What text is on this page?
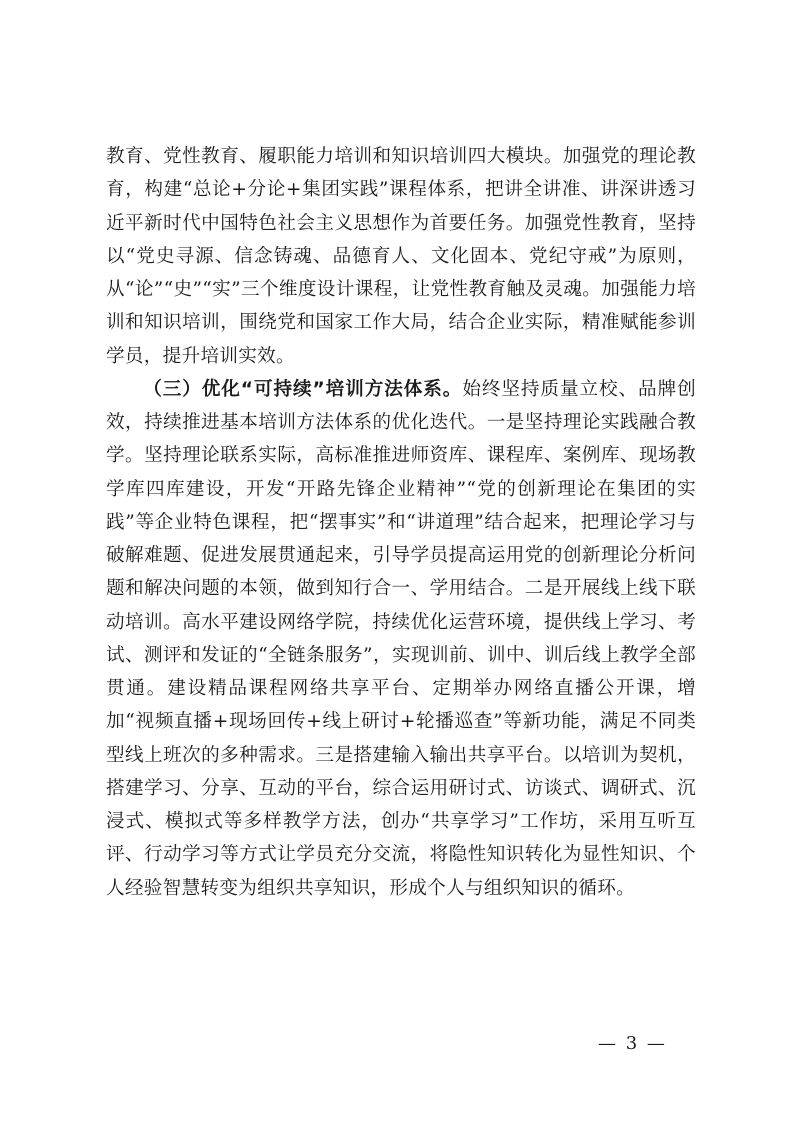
教育、党性教育、履职能力培训和知识培训四大模块。加强党的理论教育，构建“总论+分论+集团实践”课程体系，把讲全讲准、讲深讲透习近平新时代中国特色社会主义思想作为首要任务。加强党性教育，坚持以“党史寻源、信念铸魂、品德育人、文化固本、党纪守戒”为原则，从“论”“史”“实”三个维度设计课程，让党性教育触及灵魂。加强能力培训和知识培训，围绕党和国家工作大局，结合企业实际，精准赋能参训学员，提升培训实效。

（三）优化“可持续”培训方法体系。始终坚持质量立校、品牌创效，持续推进基本培训方法体系的优化迭代。一是坚持理论实践融合教学。坚持理论联系实际，高标准推进师资库、课程库、案例库、现场教学库四库建设，开发“开路先锋企业精神”“党的创新理论在集团的实践”等企业特色课程，把“摆事实”和“讲道理”结合起来，把理论学习与破解难题、促进发展贯通起来，引导学员提高运用党的创新理论分析问题和解决问题的本领，做到知行合一、学用结合。二是开展线上线下联动培训。高水平建设网络学院，持续优化运营环境，提供线上学习、考试、测评和发证的“全链条服务”，实现训前、训中、训后线上教学全部贯通。建设精品课程网络共享平台、定期举办网络直播公开课，增加“视频直播+现场回传+线上研讨+轮播巡查”等新功能，满足不同类型线上班次的多种需求。三是搭建输入输出共享平台。以培训为契机，搭建学习、分享、互动的平台，综合运用研讨式、访谈式、调研式、沉浸式、模拟式等多样教学方法，创办“共享学习”工作坊，采用互听互评、行动学习等方式让学员充分交流，将隐性知识转化为显性知识、个人经验智慧转变为组织共享知识，形成个人与组织知识的循环。

— 3 —
